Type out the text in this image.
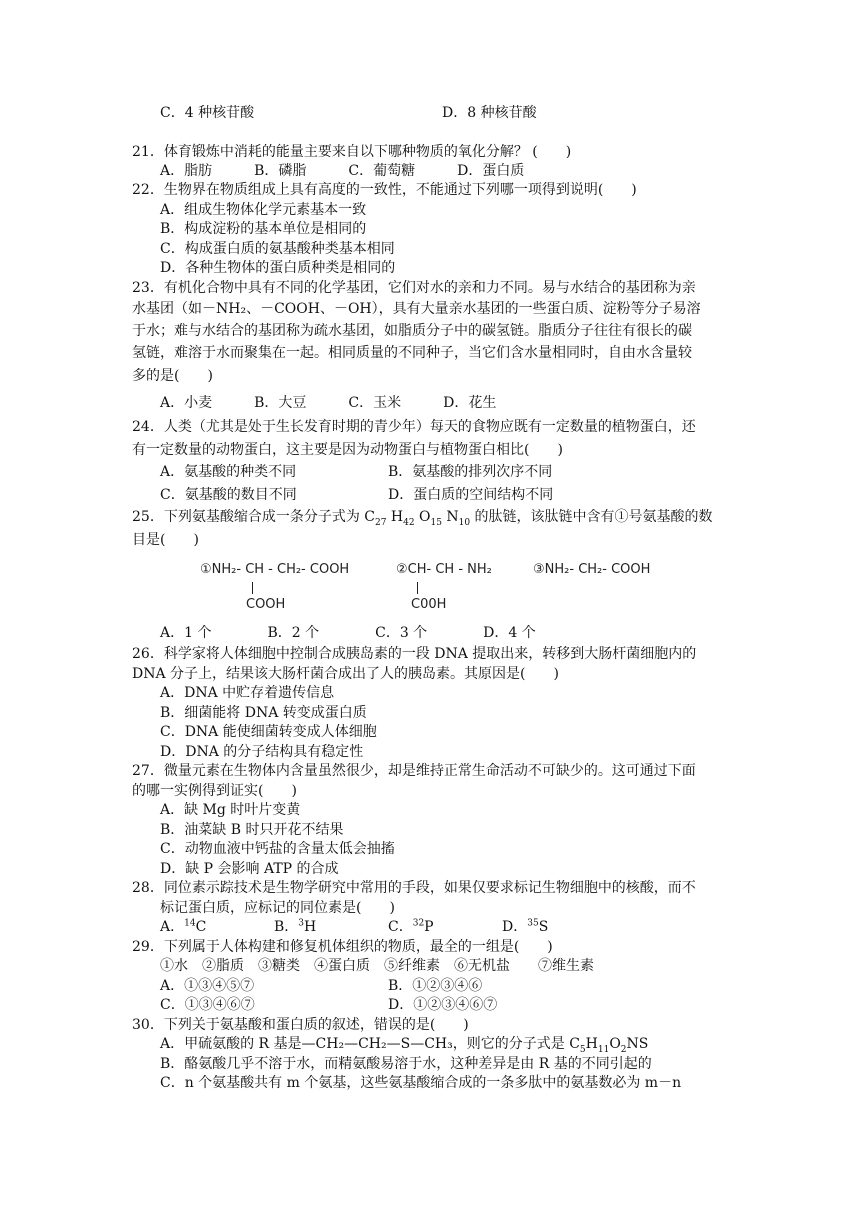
C．4 种核苷酸	D．8 种核苷酸
21．体育锻炼中消耗的能量主要来自以下哪种物质的氧化分解？ (　　)
A．脂肪　　　B．磷脂　　　C．葡萄糖　　　D．蛋白质
22．生物界在物质组成上具有高度的一致性，不能通过下列哪一项得到说明(　　)
A．组成生物体化学元素基本一致
B．构成淀粉的基本单位是相同的
C．构成蛋白质的氨基酸种类基本相同
D．各种生物体的蛋白质种类是相同的
23．有机化合物中具有不同的化学基团，它们对水的亲和力不同。易与水结合的基团称为亲
水基团（如－NH₂、－COOH、－OH），具有大量亲水基团的一些蛋白质、淀粉等分子易溶
于水；难与水结合的基团称为疏水基团，如脂质分子中的碳氢链。脂质分子往往有很长的碳
氢链，难溶于水而聚集在一起。相同质量的不同种子，当它们含水量相同时，自由水含量较
多的是(　　)
A．小麦　　　B．大豆　　　C．玉米　　　D．花生
24．人类（尤其是处于生长发育时期的青少年）每天的食物应既有一定数量的植物蛋白，还
有一定数量的动物蛋白，这主要是因为动物蛋白与植物蛋白相比(　　)
A．氨基酸的种类不同	B．氨基酸的排列次序不同
C．氨基酸的数目不同	D．蛋白质的空间结构不同
25．下列氨基酸缩合成一条分子式为 $C_{27}$ $H_{42}$ $O_{15}$ $N_{10}$ 的肽链，该肽链中含有①号氨基酸的数
目是(　　)
①NH₂- CH - CH₂- COOH
COOH
②CH- CH - NH₂
C00H
③NH₂- CH₂- COOH
A．1 个　　　　B．2 个　　　　C．3 个　　　　D．4 个
26．科学家将人体细胞中控制合成胰岛素的一段 DNA 提取出来，转移到大肠杆菌细胞内的
DNA 分子上，结果该大肠杆菌合成出了人的胰岛素。其原因是(　　)
A．DNA 中贮存着遗传信息
B．细菌能将 DNA 转变成蛋白质
C．DNA 能使细菌转变成人体细胞
D．DNA 的分子结构具有稳定性
27．微量元素在生物体内含量虽然很少，却是维持正常生命活动不可缺少的。这可通过下面
的哪一实例得到证实(　　)
A．缺 Mg 时叶片变黄
B．油菜缺 B 时只开花不结果
C．动物血液中钙盐的含量太低会抽搐
D．缺 P 会影响 ATP 的合成
28．同位素示踪技术是生物学研究中常用的手段，如果仅要求标记生物细胞中的核酸，而不
标记蛋白质，应标记的同位素是(　　)
A．$^{14}$C	B．$^3$H	C．$^{32}$P	D．$^{35}$S
29．下列属于人体构建和修复机体组织的物质，最全的一组是(　　)
①水　②脂质　③糖类　④蛋白质　⑤纤维素　⑥无机盐　　⑦维生素
A．①③④⑤⑦	B．①②③④⑥
C．①③④⑥⑦	D．①②③④⑥⑦
30．下列关于氨基酸和蛋白质的叙述，错误的是(　　)
A．甲硫氨酸的 R 基是—CH₂—CH₂—S—CH₃，则它的分子式是 $C_5H_{11}O_2NS$
B．酪氨酸几乎不溶于水，而精氨酸易溶于水，这种差异是由 R 基的不同引起的
C．n 个氨基酸共有 m 个氨基，这些氨基酸缩合成的一条多肽中的氨基数必为 m－n
